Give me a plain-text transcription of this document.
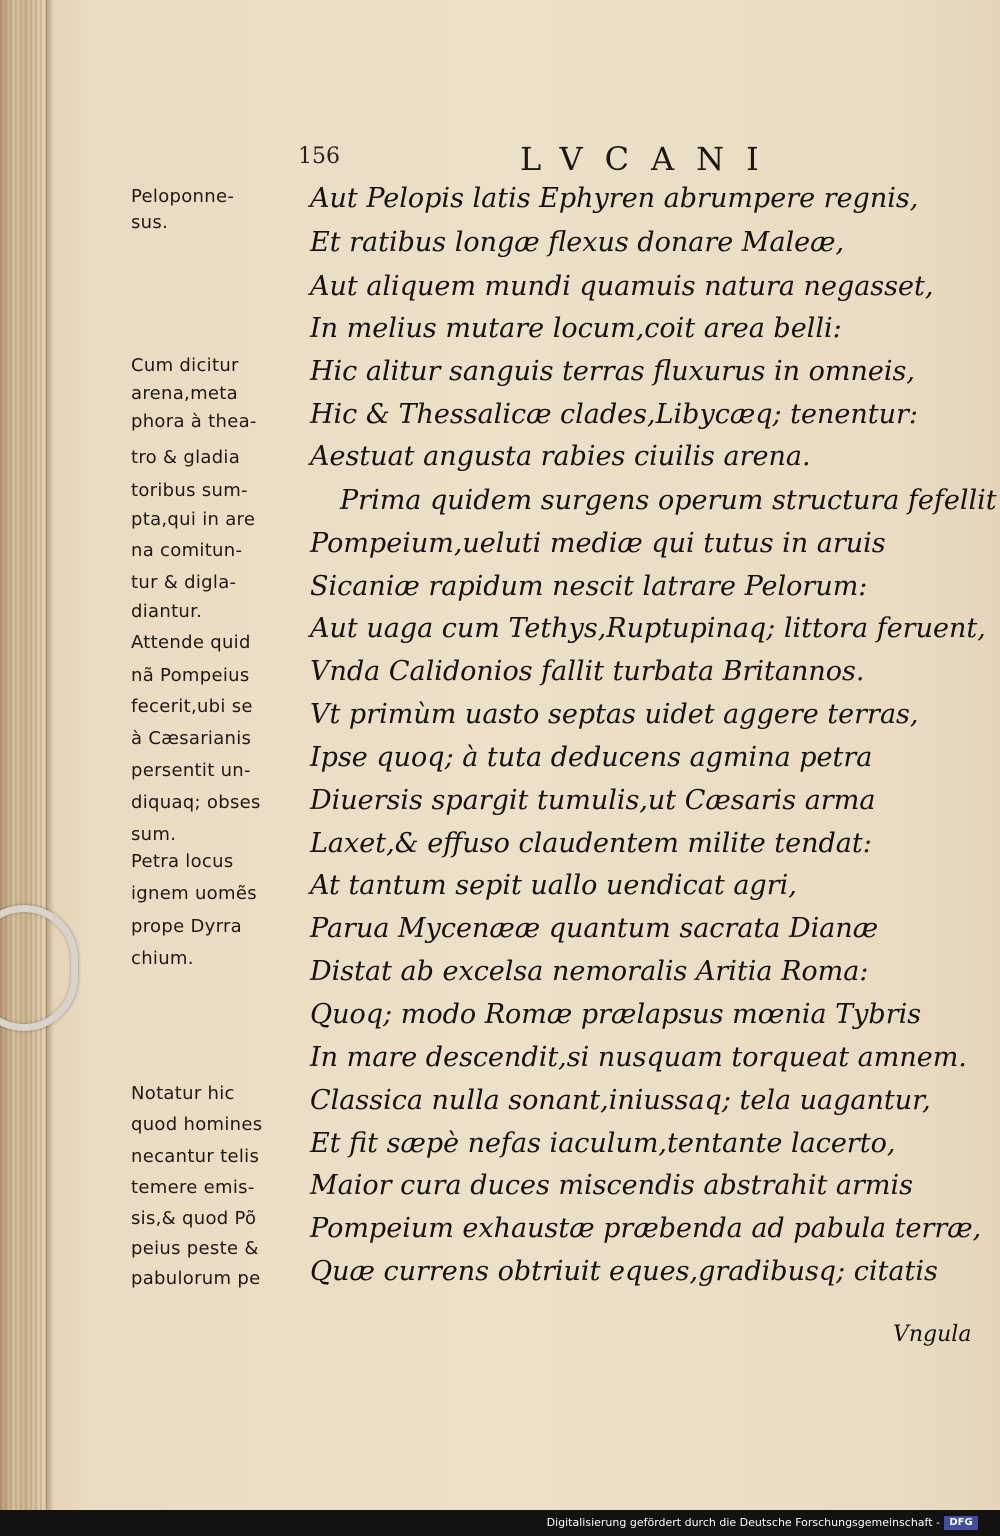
156	LVCANI
Aut Pelopis latis Ephyren abrumpere regnis,
Et ratibus longæ flexus donare Maleæ,
Aut aliquem mundi quamuis natura negasset,
In melius mutare locum,coit area belli:
Hic alitur sanguis terras fluxurus in omneis,
Hic & Thessalicæ clades,Libycæq; tenentur:
Aestuat angusta rabies ciuilis arena.
Prima quidem surgens operum structura fefellit
Pompeium,ueluti mediæ qui tutus in aruis
Sicaniæ rapidum nescit latrare Pelorum:
Aut uaga cum Tethys,Ruptupinaq; littora feruent,
Vnda Calidonios fallit turbata Britannos.
Vt primùm uasto septas uidet aggere terras,
Ipse quoq; à tuta deducens agmina petra
Diuersis spargit tumulis,ut Cæsaris arma
Laxet,& effuso claudentem milite tendat:
At tantum sepit uallo uendicat agri,
Parua Mycenææ quantum sacrata Dianæ
Distat ab excelsa nemoralis Aritia Roma:
Quoq; modo Romæ prælapsus mœnia Tybris
In mare descendit,si nusquam torqueat amnem.
Classica nulla sonant,iniussaq; tela uagantur,
Et fit sæpè nefas iaculum,tentante lacerto,
Maior cura duces miscendis abstrahit armis
Pompeium exhaustæ præbenda ad pabula terræ,
Quæ currens obtriuit eques,gradibusq; citatis
Peloponne-
sus.
Cum dicitur
arena,meta
phora à thea-
tro & gladia
toribus sum-
pta,qui in are
na comitun-
tur & digla-
diantur.
Attende quid
nã Pompeius
fecerit,ubi se
à Cæsarianis
persentit un-
diquaq; obses
sum.
Petra locus
ignem uomẽs
prope Dyrra
chium.
Notatur hic
quod homines
necantur telis
temere emis-
sis,& quod Põ
peius peste &
pabulorum pe
Vngula
Digitalisierung gefördert durch die Deutsche Forschungsgemeinschaft - DFG
